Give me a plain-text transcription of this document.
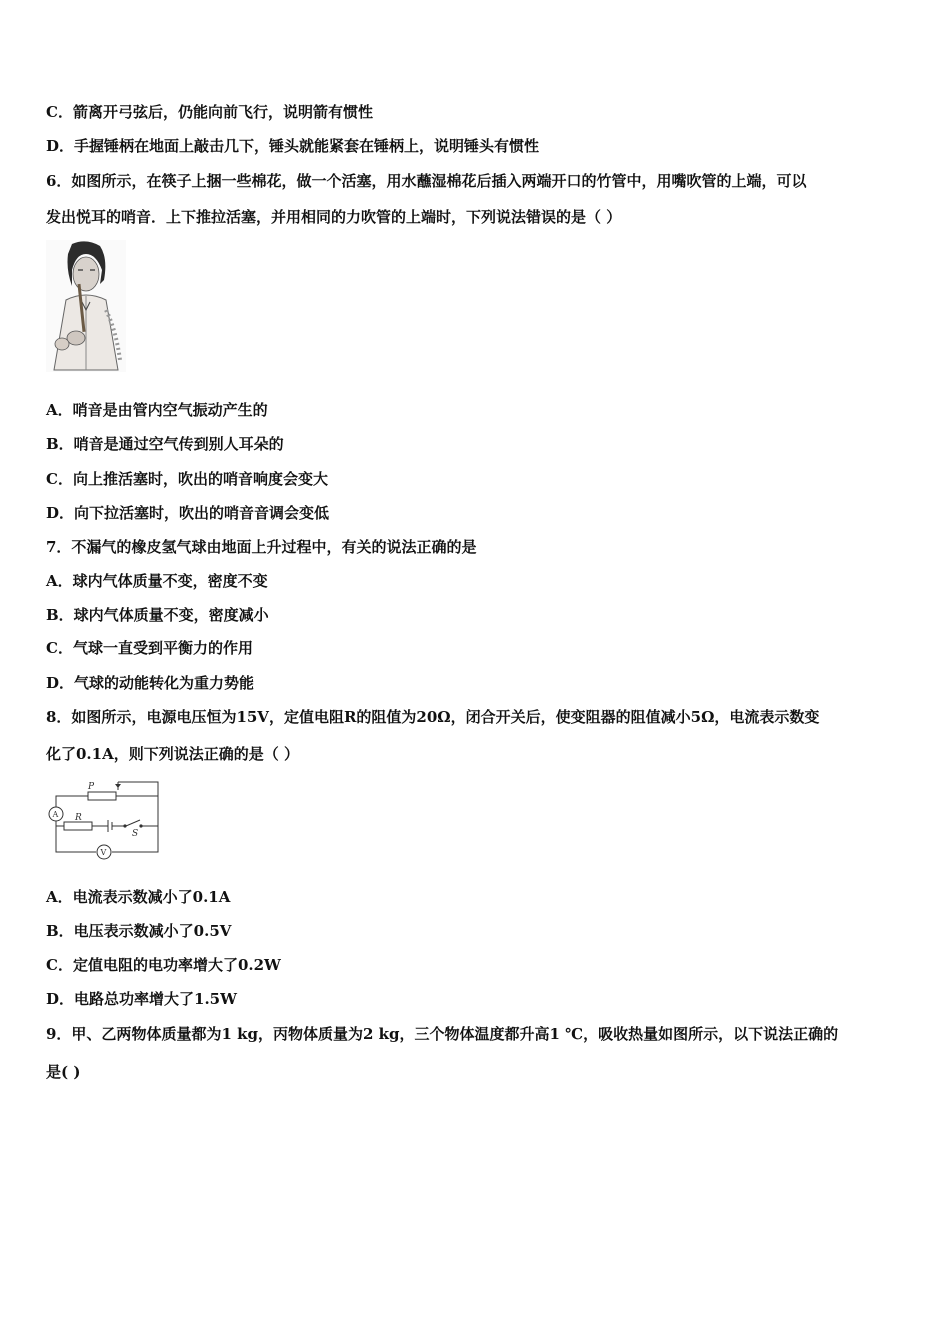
C．箭离开弓弦后，仍能向前飞行，说明箭有惯性
D．手握锤柄在地面上敲击几下，锤头就能紧套在锤柄上，说明锤头有惯性
6．如图所示，在筷子上捆一些棉花，做一个活塞，用水蘸湿棉花后插入两端开口的竹管中，用嘴吹管的上端，可以
发出悦耳的哨音．上下推拉活塞，并用相同的力吹管的上端时，下列说法错误的是（ ）
A．哨音是由管内空气振动产生的
B．哨音是通过空气传到别人耳朵的
C．向上推活塞时，吹出的哨音响度会变大
D．向下拉活塞时，吹出的哨音音调会变低
7．不漏气的橡皮氢气球由地面上升过程中，有关的说法正确的是
A．球内气体质量不变，密度不变
B．球内气体质量不变，密度减小
C．气球一直受到平衡力的作用
D．气球的动能转化为重力势能
8．如图所示，电源电压恒为15V，定值电阻R的阻值为20Ω，闭合开关后，使变阻器的阻值减小5Ω，电流表示数变
化了0.1A，则下列说法正确的是（ ）
P
R
S
A
V
A．电流表示数减小了0.1A
B．电压表示数减小了0.5V
C．定值电阻的电功率增大了0.2W
D．电路总功率增大了1.5W
9．甲、乙两物体质量都为1 kg，丙物体质量为2 kg，三个物体温度都升高1 ℃，吸收热量如图所示，以下说法正确的
是( )
